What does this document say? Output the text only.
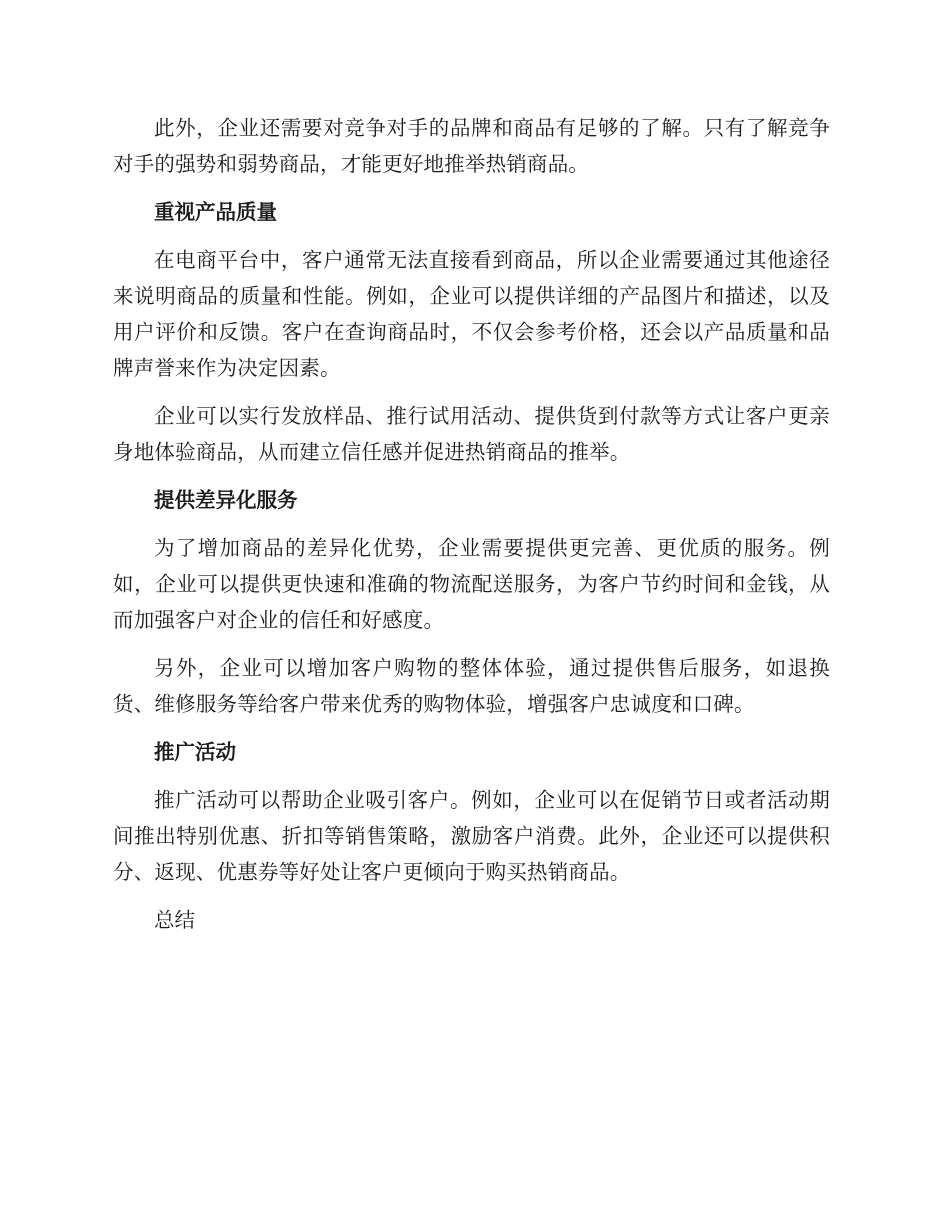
此外，企业还需要对竞争对手的品牌和商品有足够的了解。只有了解竞争对手的强势和弱势商品，才能更好地推举热销商品。

重视产品质量

在电商平台中，客户通常无法直接看到商品，所以企业需要通过其他途径来说明商品的质量和性能。例如，企业可以提供详细的产品图片和描述，以及用户评价和反馈。客户在查询商品时，不仅会参考价格，还会以产品质量和品牌声誉来作为决定因素。

企业可以实行发放样品、推行试用活动、提供货到付款等方式让客户更亲身地体验商品，从而建立信任感并促进热销商品的推举。

提供差异化服务

为了增加商品的差异化优势，企业需要提供更完善、更优质的服务。例如，企业可以提供更快速和准确的物流配送服务，为客户节约时间和金钱，从而加强客户对企业的信任和好感度。

另外，企业可以增加客户购物的整体体验，通过提供售后服务，如退换货、维修服务等给客户带来优秀的购物体验，增强客户忠诚度和口碑。

推广活动

推广活动可以帮助企业吸引客户。例如，企业可以在促销节日或者活动期间推出特别优惠、折扣等销售策略，激励客户消费。此外，企业还可以提供积分、返现、优惠券等好处让客户更倾向于购买热销商品。

总结
